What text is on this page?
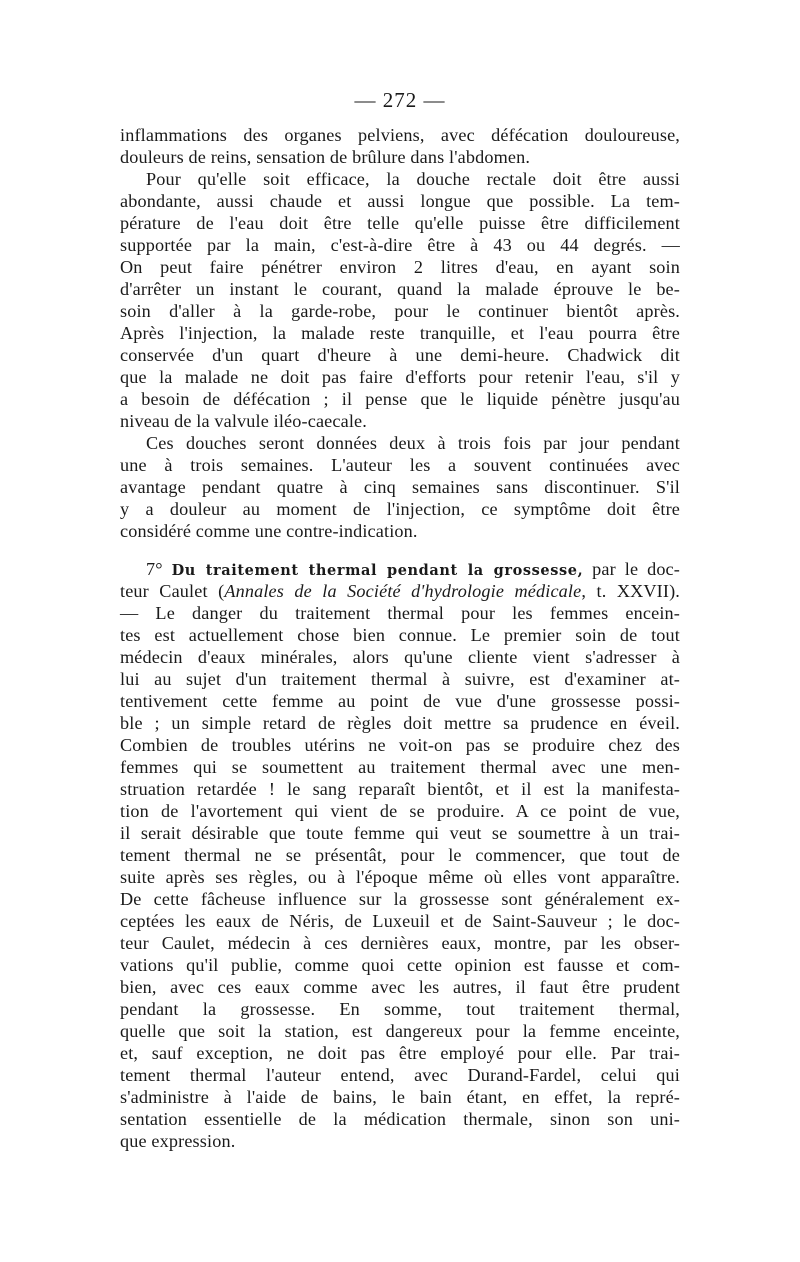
— 272 —
inflammations des organes pelviens, avec défécation douloureuse,
douleurs de reins, sensation de brûlure dans l'abdomen.
Pour qu'elle soit efficace, la douche rectale doit être aussi
abondante, aussi chaude et aussi longue que possible. La tem-
pérature de l'eau doit être telle qu'elle puisse être difficilement
supportée par la main, c'est-à-dire être à 43 ou 44 degrés. —
On peut faire pénétrer environ 2 litres d'eau, en ayant soin
d'arrêter un instant le courant, quand la malade éprouve le be-
soin d'aller à la garde-robe, pour le continuer bientôt après.
Après l'injection, la malade reste tranquille, et l'eau pourra être
conservée d'un quart d'heure à une demi-heure. Chadwick dit
que la malade ne doit pas faire d'efforts pour retenir l'eau, s'il y
a besoin de défécation ; il pense que le liquide pénètre jusqu'au
niveau de la valvule iléo-caecale.
Ces douches seront données deux à trois fois par jour pendant
une à trois semaines. L'auteur les a souvent continuées avec
avantage pendant quatre à cinq semaines sans discontinuer. S'il
y a douleur au moment de l'injection, ce symptôme doit être
considéré comme une contre-indication.
7° Du traitement thermal pendant la grossesse, par le doc-
teur Caulet (Annales de la Société d'hydrologie médicale, t. XXVII).
— Le danger du traitement thermal pour les femmes encein-
tes est actuellement chose bien connue. Le premier soin de tout
médecin d'eaux minérales, alors qu'une cliente vient s'adresser à
lui au sujet d'un traitement thermal à suivre, est d'examiner at-
tentivement cette femme au point de vue d'une grossesse possi-
ble ; un simple retard de règles doit mettre sa prudence en éveil.
Combien de troubles utérins ne voit-on pas se produire chez des
femmes qui se soumettent au traitement thermal avec une men-
struation retardée ! le sang reparaît bientôt, et il est la manifesta-
tion de l'avortement qui vient de se produire. A ce point de vue,
il serait désirable que toute femme qui veut se soumettre à un trai-
tement thermal ne se présentât, pour le commencer, que tout de
suite après ses règles, ou à l'époque même où elles vont apparaître.
De cette fâcheuse influence sur la grossesse sont généralement ex-
ceptées les eaux de Néris, de Luxeuil et de Saint-Sauveur ; le doc-
teur Caulet, médecin à ces dernières eaux, montre, par les obser-
vations qu'il publie, comme quoi cette opinion est fausse et com-
bien, avec ces eaux comme avec les autres, il faut être prudent
pendant la grossesse. En somme, tout traitement thermal,
quelle que soit la station, est dangereux pour la femme enceinte,
et, sauf exception, ne doit pas être employé pour elle. Par trai-
tement thermal l'auteur entend, avec Durand-Fardel, celui qui
s'administre à l'aide de bains, le bain étant, en effet, la repré-
sentation essentielle de la médication thermale, sinon son uni-
que expression.
